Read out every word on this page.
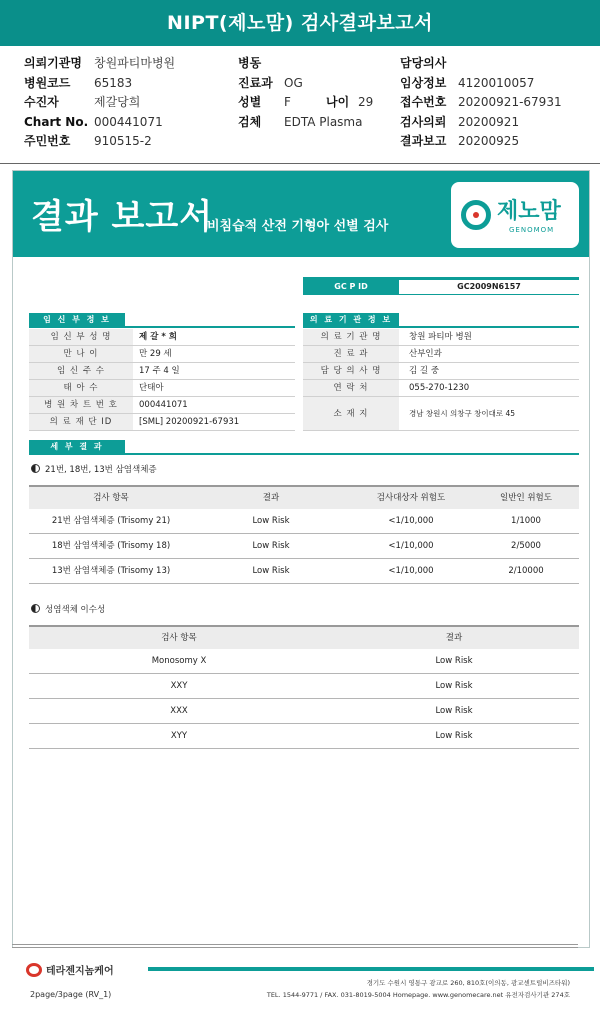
NIPT(제노맘) 검사결과보고서
의뢰기관명 창원파티마병원
병원코드 65183
수진자	제갈당희
Chart No. 000441071
주민번호 910515-2
병동
진료과 OG
성별 F	나이 29
검체 EDTA Plasma
담당의사
임상정보 4120010057
접수번호 20200921-67931
검사의뢰 20200921
결과보고 20200925
결과 보고서
비침습적 산전 기형아 선별 검사
제노맘
GENOMOM
GC P ID	GC2009N6157
임 신 부 정 보
임 신 부 성 명	제 갈 * 희
만 나 이	만 29 세
임 신 주 수	17 주 4 일
태 아 수	단태아
병 원 차 트 번 호	000441071
의 료 재 단 ID	[SML] 20200921-67931
의 료 기 관 정 보
의 료 기 관 명	창원 파티마 병원
진 료 과	산부인과
담 당 의 사 명	김 길 중
연 락 처	055-270-1230
소 재 지	경남 창원시 의창구 창이대로 45
세 부 결 과
21번, 18번, 13번 삼염색체증
검사 항목	결과	검사대상자 위험도	일반인 위험도
21번 삼염색체증 (Trisomy 21)	Low Risk	<1/10,000	1/1000
18번 삼염색체증 (Trisomy 18)	Low Risk	<1/10,000	2/5000
13번 삼염색체증 (Trisomy 13)	Low Risk	<1/10,000	2/10000
성염색체 이수성
검사 항목	결과
Monosomy X	Low Risk
XXY	Low Risk
XXX	Low Risk
XYY	Low Risk
테라젠지놈케어
경기도 수원시 영통구 광교로 260, 810호(이의동, 광교센트럴비즈타워)
TEL. 1544-9771 / FAX. 031-8019-5004 Homepage. www.genomecare.net 유전자검사기관 274호
2page/3page (RV_1)
